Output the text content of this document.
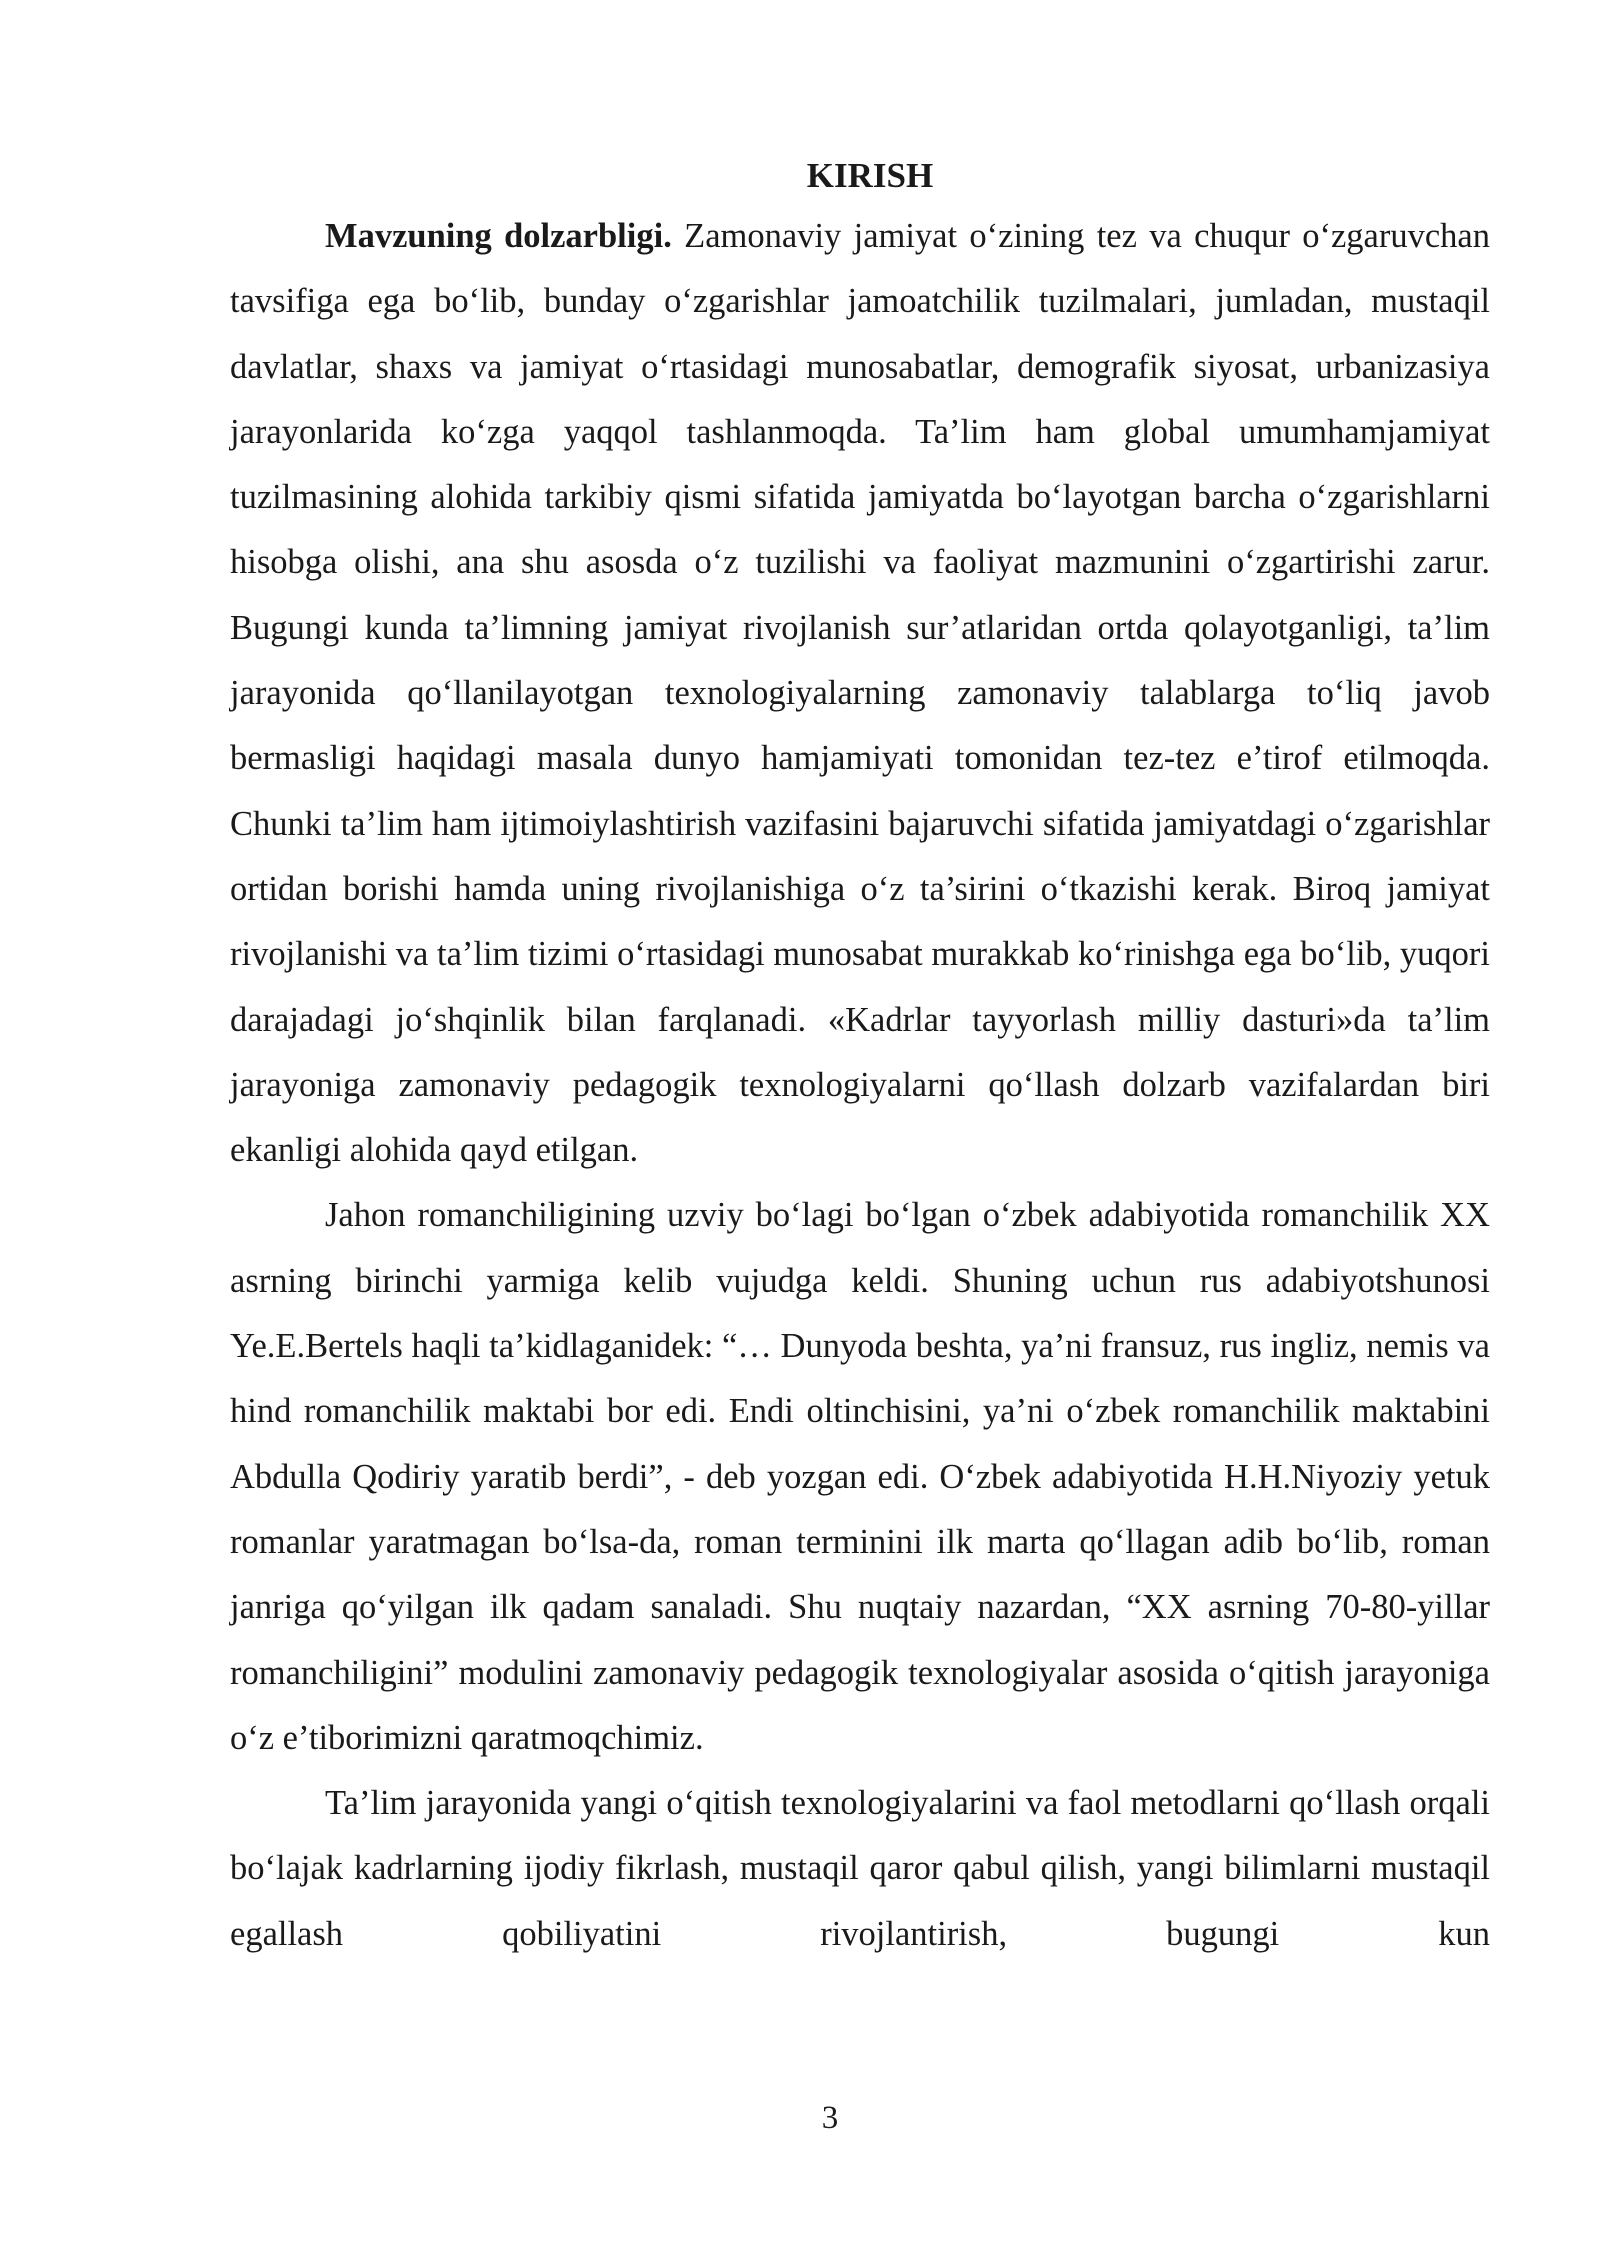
KIRISH

Mavzuning dolzarbligi. Zamonaviy jamiyat o‘zining tez va chuqur o‘zgaruvchan tavsifiga ega bo‘lib, bunday o‘zgarishlar jamoatchilik tuzilmalari, jumladan, mustaqil davlatlar, shaxs va jamiyat o‘rtasidagi munosabatlar, demografik siyosat, urbanizasiya jarayonlarida ko‘zga yaqqol tashlanmoqda. Ta’lim ham global umumhamjamiyat tuzilmasining alohida tarkibiy qismi sifatida jamiyatda bo‘layotgan barcha o‘zgarishlarni hisobga olishi, ana shu asosda o‘z tuzilishi va faoliyat mazmunini o‘zgartirishi zarur. Bugungi kunda ta’limning jamiyat rivojlanish sur’atlaridan ortda qolayotganligi, ta’lim jarayonida qo‘llanilayotgan texnologiyalarning zamonaviy talablarga to‘liq javob bermasligi haqidagi masala dunyo hamjamiyati tomonidan tez-tez e’tirof etilmoqda. Chunki ta’lim ham ijtimoiylashtirish vazifasini bajaruvchi sifatida jamiyatdagi o‘zgarishlar ortidan borishi hamda uning rivojlanishiga o‘z ta’sirini o‘tkazishi kerak. Biroq jamiyat rivojlanishi va ta’lim tizimi o‘rtasidagi munosabat murakkab ko‘rinishga ega bo‘lib, yuqori darajadagi jo‘shqinlik bilan farqlanadi. «Kadrlar tayyorlash milliy dasturi»da ta’lim jarayoniga zamonaviy pedagogik texnologiyalarni qo‘llash dolzarb vazifalardan biri ekanligi alohida qayd etilgan.

Jahon romanchiligining uzviy bo‘lagi bo‘lgan o‘zbek adabiyotida romanchilik XX asrning birinchi yarmiga kelib vujudga keldi. Shuning uchun rus adabiyotshunosi Ye.E.Bertels haqli ta’kidlaganidek: “… Dunyoda beshta, ya’ni fransuz, rus ingliz, nemis va hind romanchilik maktabi bor edi. Endi oltinchisini, ya’ni o‘zbek romanchilik maktabini Abdulla Qodiriy yaratib berdi”, - deb yozgan edi. O‘zbek adabiyotida H.H.Niyoziy yetuk romanlar yaratmagan bo‘lsa-da, roman terminini ilk marta qo‘llagan adib bo‘lib, roman janriga qo‘yilgan ilk qadam sanaladi. Shu nuqtaiy nazardan, “XX asrning 70-80-yillar romanchiligini” modulini zamonaviy pedagogik texnologiyalar asosida o‘qitish jarayoniga o‘z e’tiborimizni qaratmoqchimiz.

Ta’lim jarayonida yangi o‘qitish texnologiyalarini va faol metodlarni qo‘llash orqali bo‘lajak kadrlarning ijodiy fikrlash, mustaqil qaror qabul qilish, yangi bilimlarni mustaqil egallash qobiliyatini rivojlantirish, bugungi kun

3
